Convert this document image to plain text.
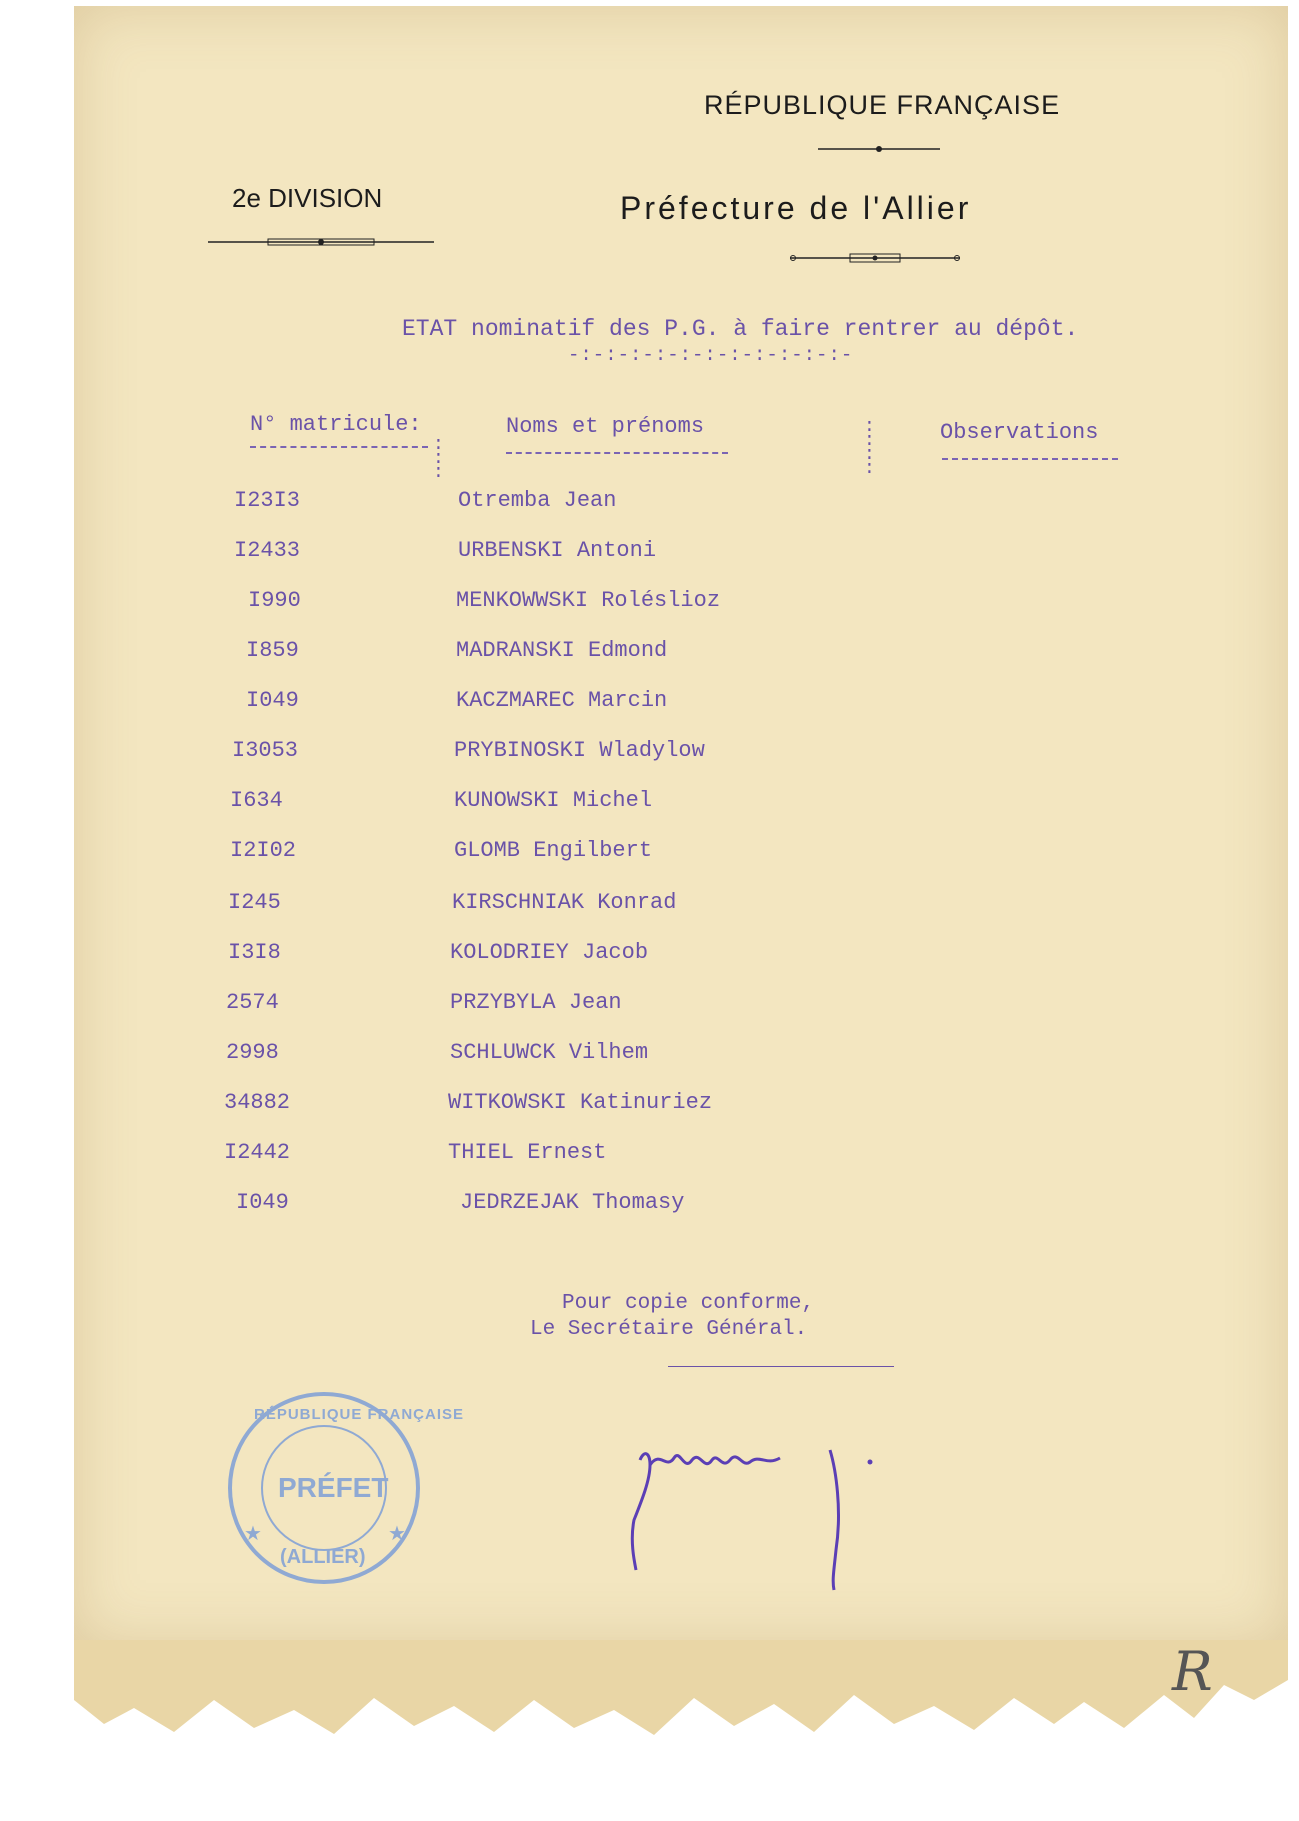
RÉPUBLIQUE FRANÇAISE
2e DIVISION	Préfecture de l'Allier
ETAT nominatif des P.G. à faire rentrer au dépôt.
-:-:-:-:-:-:-:-:-:-:-:-
N° matricule:	Noms et prénoms	Observations
:
:
:
:
:
:
:
I23I3	Otremba Jean
I2433	URBENSKI Antoni
I990	MENKOWWSKI Roléslioz
I859	MADRANSKI Edmond
I049	KACZMAREC Marcin
I3053	PRYBINOSKI Wladylow
I634	KUNOWSKI Michel
I2I02	GLOMB Engilbert
I245	KIRSCHNIAK Konrad
I3I8	KOLODRIEY Jacob
2574	PRZYBYLA Jean
2998	SCHLUWCK Vilhem
34882	WITKOWSKI Katinuriez
I2442	THIEL Ernest
I049	JEDRZEJAK Thomasy
Pour copie conforme,
Le Secrétaire Général.
★	★
RÉPUBLIQUE FRANÇAISE
PRÉFET
(ALLIER)
R
